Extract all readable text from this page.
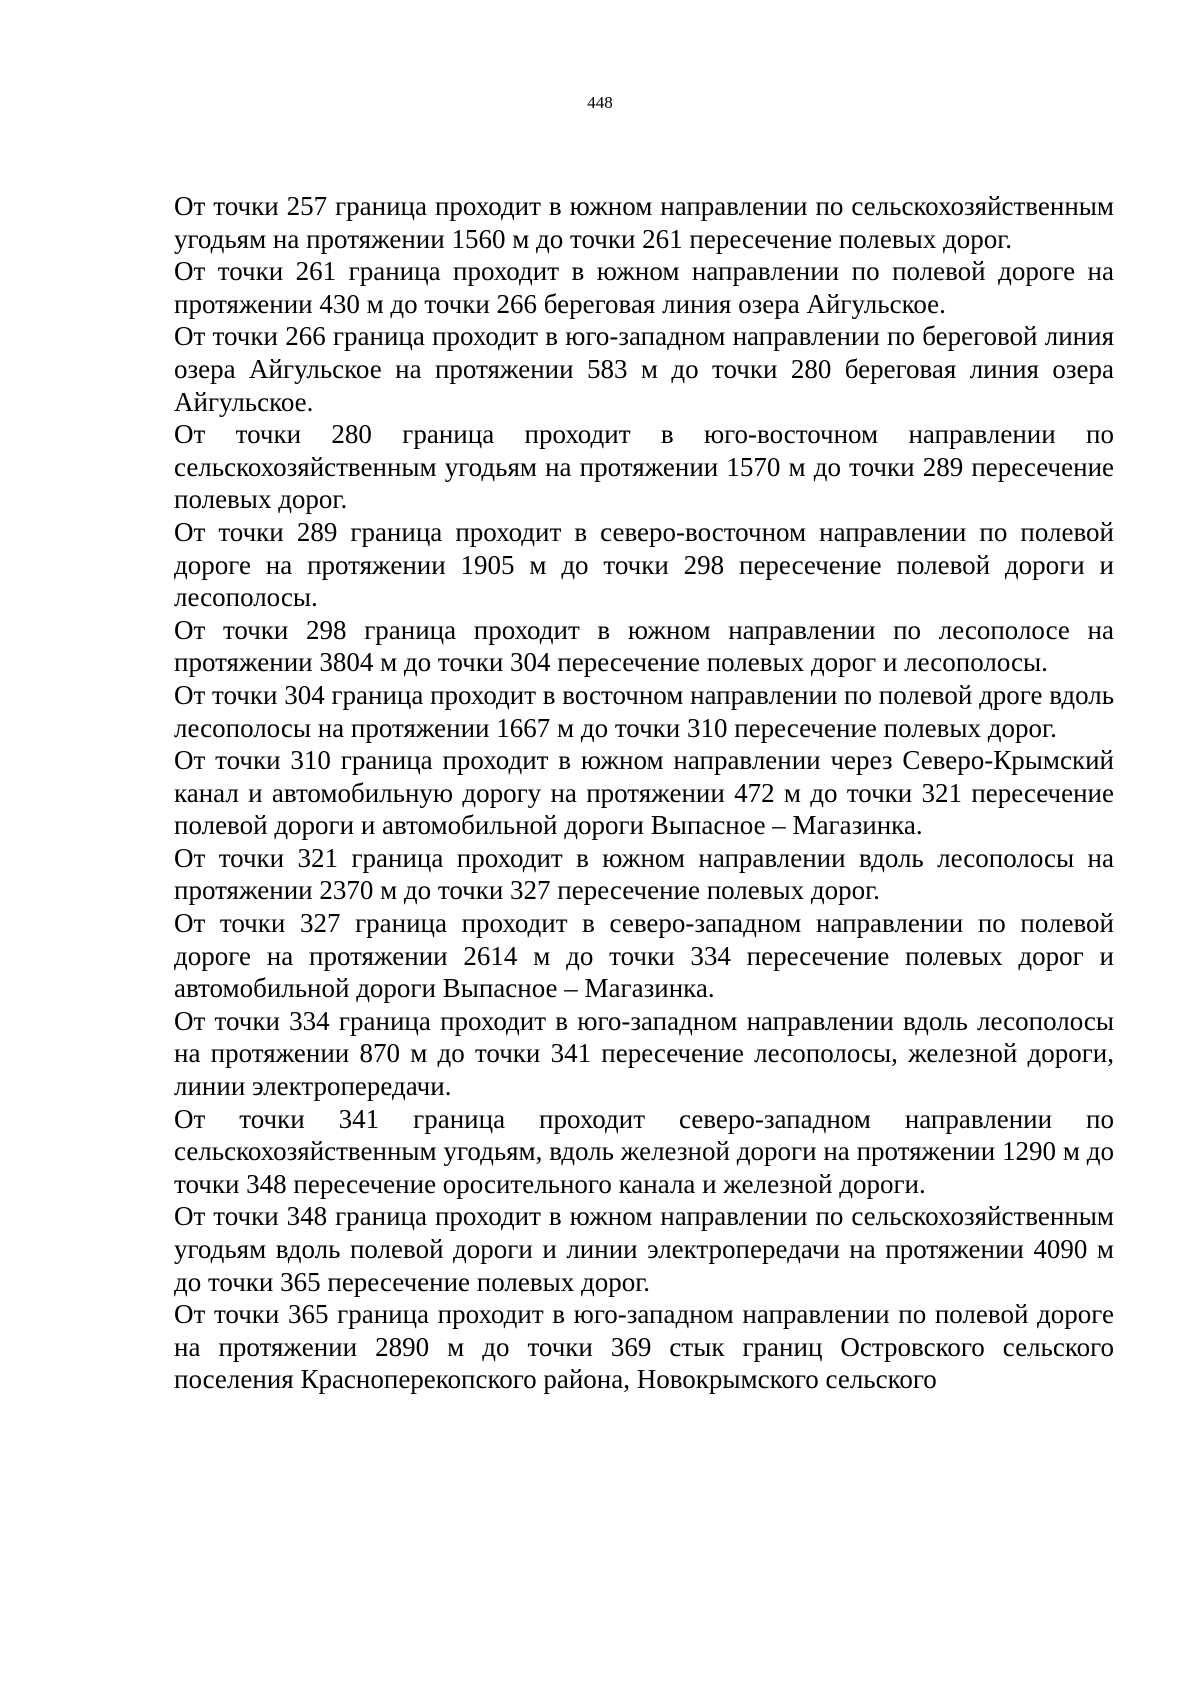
448

От точки 257 граница проходит в южном направлении по сельскохозяйственным угодьям на протяжении 1560 м до точки 261 пересечение полевых дорог.

От точки 261 граница проходит в южном направлении по полевой дороге на протяжении 430 м до точки 266 береговая линия озера Айгульское.

От точки 266 граница проходит в юго-западном направлении по береговой линия озера Айгульское на протяжении 583 м до точки 280 береговая линия озера Айгульское.

От точки 280 граница проходит в юго-восточном направлении по сельскохозяйственным угодьям на протяжении 1570 м до точки 289 пересечение полевых дорог.

От точки 289 граница проходит в северо-восточном направлении по полевой дороге на протяжении 1905 м до точки 298 пересечение полевой дороги и лесополосы.

От точки 298 граница проходит в южном направлении по лесополосе на протяжении 3804 м до точки 304 пересечение полевых дорог и лесополосы.

От точки 304 граница проходит в восточном направлении по полевой дроге вдоль лесополосы на протяжении 1667 м до точки 310 пересечение полевых дорог.

От точки 310 граница проходит в южном направлении через Северо-Крымский канал и автомобильную дорогу на протяжении 472 м до точки 321 пересечение полевой дороги и автомобильной дороги Выпасное – Магазинка.

От точки 321 граница проходит в южном направлении вдоль лесополосы на протяжении 2370 м до точки 327 пересечение полевых дорог.

От точки 327 граница проходит в северо-западном направлении по полевой дороге на протяжении 2614 м до точки 334 пересечение полевых дорог и автомобильной дороги Выпасное – Магазинка.

От точки 334 граница проходит в юго-западном направлении вдоль лесополосы на протяжении 870 м до точки 341 пересечение лесополосы, железной дороги, линии электропередачи.

От точки 341 граница проходит северо-западном направлении по сельскохозяйственным угодьям, вдоль железной дороги на протяжении 1290 м до точки 348 пересечение оросительного канала и железной дороги.

От точки 348 граница проходит в южном направлении по сельскохозяйственным угодьям вдоль полевой дороги и линии электропередачи на протяжении 4090 м до точки 365 пересечение полевых дорог.

От точки 365 граница проходит в юго-западном направлении по полевой дороге на протяжении 2890 м до точки 369 стык границ Островского сельского поселения Красноперекопского района, Новокрымского сельского
